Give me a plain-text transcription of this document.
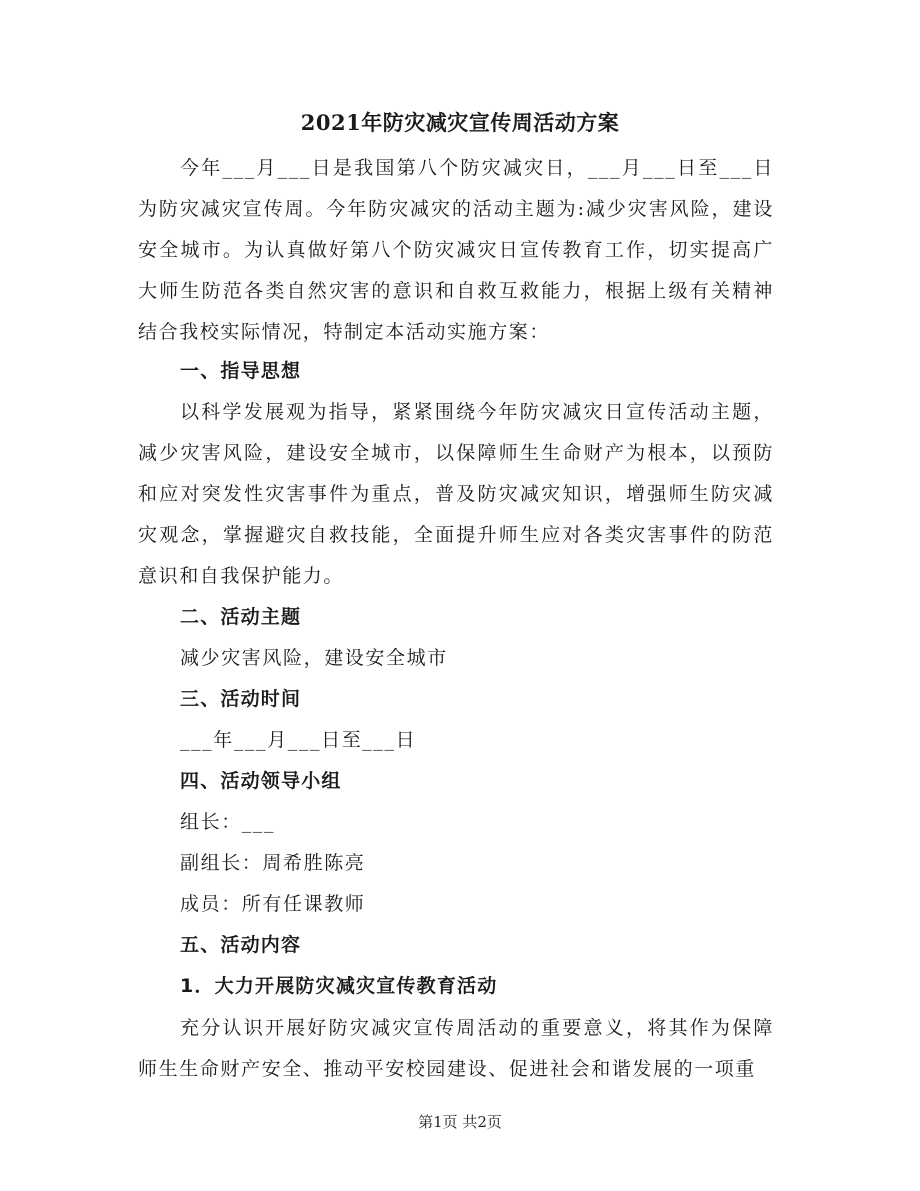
2021年防灾减灾宣传周活动方案

今年___月___日是我国第八个防灾减灾日，___月___日至___日为防灾减灾宣传周。今年防灾减灾的活动主题为:减少灾害风险，建设安全城市。为认真做好第八个防灾减灾日宣传教育工作，切实提高广大师生防范各类自然灾害的意识和自救互救能力，根据上级有关精神结合我校实际情况，特制定本活动实施方案：

一、指导思想

以科学发展观为指导，紧紧围绕今年防灾减灾日宣传活动主题，减少灾害风险，建设安全城市，以保障师生生命财产为根本，以预防和应对突发性灾害事件为重点，普及防灾减灾知识，增强师生防灾减灾观念，掌握避灾自救技能，全面提升师生应对各类灾害事件的防范意识和自我保护能力。

二、活动主题
减少灾害风险，建设安全城市
三、活动时间
___年___月___日至___日
四、活动领导小组
组长：___
副组长：周希胜陈亮
成员：所有任课教师
五、活动内容
1．大力开展防灾减灾宣传教育活动

充分认识开展好防灾减灾宣传周活动的重要意义，将其作为保障师生生命财产安全、推动平安校园建设、促进社会和谐发展的一项重

第1页 共2页
